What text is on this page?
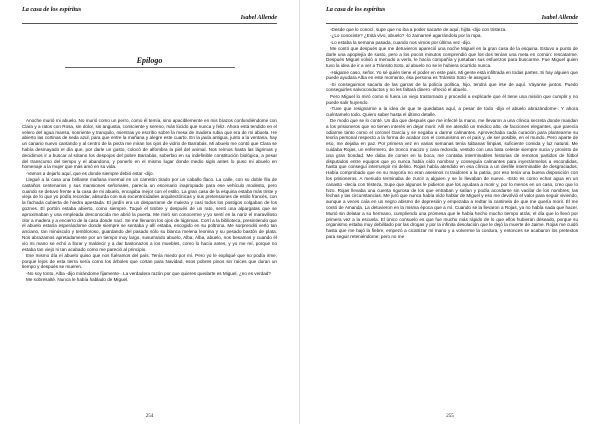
La casa de los espíritus
Isabel Allende
Epílogo

Anoche murió mi abuelo. No murió como un perro, como él temía, sino apaciblemente en mis brazos confundiéndome con Clara y a ratos con Rosa, sin dolor, sin angustia, consciente y sereno, más lúcido que nunca y feliz. Ahora está tendido en el velero del agua mansa, sonriente y tranquilo, mientras yo escribo sobre la mesa de madera rubia que era de mi abuela. He abierto las cortinas de seda azul, para que entre la mañana y alegre este cuarto. En la jaula antigua, junto a la ventana, hay un canario nuevo cantando y al centro de la pieza me miran los ojos de vidrio de Barrabás. Mi abuelo me contó que Clara se había desmayado el día que, por darle un gusto, colocó de alfombra la piel del animal. Nos reímos hasta las lágrimas y decidimos ir a buscar al sótano los despojos del pobre Barrabás, soberbio en su indefinible constitución biológica, a pesar del transcurso del tiempo y el abandono, y ponerlo en el mismo lugar donde medio siglo antes lo puso mi abuelo en homenaje a la mujer que más amó en su vida.

-Vamos a dejarlo aquí, que es donde siempre debió estar -dijo.

Llegué a la casa una brillante mañana invernal en un carretón tirado por un caballo flaco. La calle, con su doble fila de castaños centenarios y sus mansiones señoriales, parecía un escenario inapropiado para ese vehículo modesto, pero cuando se detuvo frente a la casa de mi abuelo, encajaba mejor con el estilo. La gran casa de la esquina estaba más triste y vieja de lo que yo podía recordar, absurda con sus excentricidades arquitectónicas y sus pretensiones de estilo francés, con la fachada cubierta de hiedra apestada. El jardín era un desparrame de maleza y casi todos los postigos colgaban de los goznes. El portón estaba abierto, como siempre. Toqué el timbre y después de un rato, sentí una alpargatas que se aproximaban y una empleada desconocida me abrió la puerta. Me miró sin conocerme y yo sentí en la nariz el maravilloso olor a madera y a encierro de la casa donde nací. Se me llenaron los ojos de lágrimas. Corrí a la biblioteca, presintiendo que el abuelo estaría esperándome donde siempre se sentaba y allí estaba, encogido en su poltrona. Me sorprendió verlo tan anciano, tan minúsculo y tembloroso, guardando del pasado sólo su blanca melena leonina y su pesado bastón de plata. Nos abrazamos apretadamente por un tiempo muy largo, susurrando abuelo, Alba, Alba, abuelo, nos besamos y cuando él vio mi mano se echó a llorar y maldecir y a dar bastonazos a los muebles, como lo hacía antes, y yo me reí, porque no estaba tan viejo ni tan acabado como me pareció al principio.

Ese mismo día el abuelo quiso que nos fuéramos del país. Tenía miedo por mí. Pero yo le expliqué que no podía irme, porque lejos de esta tierra sería como los árboles que cortan para Navidad, esos pobres pinos sin raíces que duran un tiempo y después se mueren.

-No soy tonto, Alba -dijo mirándome fijamente-. La verdadera razón por que quieres quedarte es Miguel, ¿no es verdad?

Me sobresalté. Nunca le había hablado de Miguel.

254
La casa de los espíritus
Isabel Allende

-Desde que lo conocí, supe que no iba a poder sacarte de aquí, hijita -dijo con tristeza.

-¿Lo conociste? ¿Está vivo, abuelo? -lo zamarreé agarrándolo por la ropa.

-Lo estaba la semana pasada, cuando nos vimos por última vez -dijo.

Me contó que después que me detuvieron apareció una noche Miguel en la gran casa de la esquina. Estuvo a punto de darle una apoplejía de susto, pero a los pocos minutos comprendió que los dos tenían una meta en común: rescatarme. Después Miguel volvió a menudo a verlo, le hacía compañía y juntaban sus esfuerzos para buscarme. Fue Miguel quien tuvo la idea de ir a ver a Tránsito Soto, al abuelo no se le hubiera ocurrido nunca.

-Hágame caso, señor. Yo sé quién tiene el poder en este país. Mi gente está infiltrada en todas partes. Si hay alguien que puede ayudara Alba en este momento, ésa persona es Tránsito Soto -le aseguró.

-Si conseguimos sacarla de las garras de la policía política, hijo, tendrá que irse de aquí. Váyanse juntos. Puedo conseguirles salvoconductos y no les faltará dinero -ofreció el abuelo.

Pero Miguel lo miró como si fuera un viejo trastornado y procedió a explicarle que él tiene una misión que cumplir y no puede salir huyendo.

-Tuve que resignarme a la idea de que te quedabas aquí, a pesar de todo -dijo el abuelo abrazándome-. Y ahora cuéntamelo todo. Quiero saber hasta el último detalle.

De modo que se lo conté. Un día que después que me infecté la mano, me llevaron a una clínica secreta donde mandan a los prisioneros que no tienen interés en dejar morir. Allí me atendió un médico alto, de facciones elegantes, que parecía odiarme tanto como el coronel García y se negaba a darme calmantes. Aprovechaba cada curación para plantearme su teoría personal respecto a la forma de acabar con el comunismo en el país y, de ser posible, en el mundo. Pero aparte de eso, me dejaba en paz. Por primera vez en varias semanas tenía sábanas limpias, suficiente comida y luz natural. Me cuidaba Rojas, un enfermero, de tronco macizo y cara redonda, vestido con una bata celeste siempre sucia y provisto de una gran bondad. Me daba de comer en la boca, me contaba interminables historias de remotos partidos de fútbol disputados entre equipos que yo nunca había oído nombrar y conseguía calmantes para inyectármelos a escondidas, hasta que conseguí interrumpir mi delirio. Rojas había atendido en esa clínica a un desfile interminable de desgraciados. Había comprobado que en su mayoría no eran asesinos ni traidores a la patria, por eso tenía una buena disposición con los prisioneros. A menudo terminaba de zurcir a alguien y se lo llevaban de nuevo. -Esto es como echar agua en un canasto -decía con tristeza. Supe que algunos le pidieron que los ayudara a morir y, por lo menos en un caso, creo que lo hizo. Rojas llevaba una cuenta rigurosa de los que entraban y salían y podía acordarse sin vacilar de los nombres, las fechas y las circunstancias. Me juró que nunca había oído hablar de Miguel y eso me devolvió el valor para seguir viviendo, aunque a veces caía en un negro abismo de depresión y empezaba a redtar la cantinela de que me quería morir. Él me contó de Amanda. La detuvieron en la misma época que a mí. Cuando se la llevaron a Rojas, ya no había nada que hacer. Murió sin delatar a su hermano, cumpliendo una promesa que le había hecho mucho tiempo atrás, el día que lo llevó por primera vez a la escuela. El único consuelo es que fue mucho más rápido de lo que ellos hubieran deseado, porque su organismo estaba muy debilitado por las drogas y por la infinita desolación que le dejó la muerte de Jaime. Rojas me cuidó hasta que me bajó la fiebre, empezó a cicatrizar mi mano y a volverme la cordura, y entonces se acabaron los pretextos para seguir reteniéndome; pero no me

255
